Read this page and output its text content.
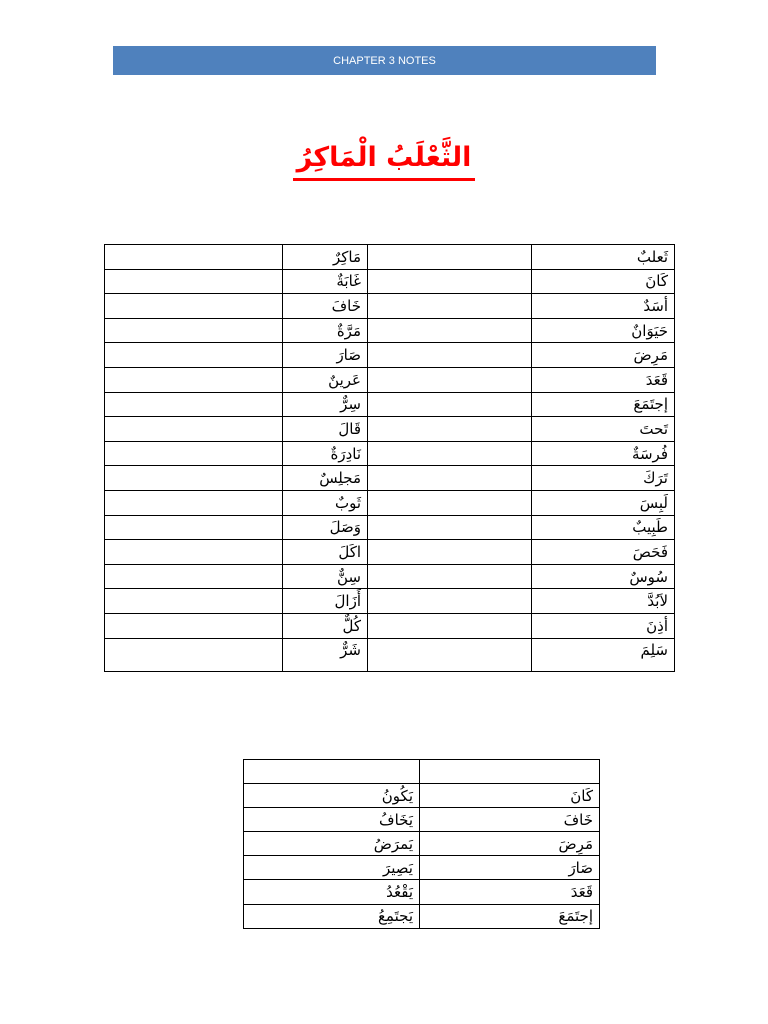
CHAPTER 3 NOTES
الثَّعْلَبُ الْمَاكِرُ
	مَاكِرٌ		ثَعلبٌ
	غَابَةٌ		كَانَ
	خَافَ		أسَدٌ
	مَرَّةٌ		حَيَوَانٌ
	صَارَ		مَرِضَ
	عَرينٌ		قَعَدَ
	سِرٌّ		إجتَمَعَ
	قَالَ		تَحتَ
	نَادِرَةٌ		فُرسَةٌ
	مَجلِسٌ		تَرَكَ
	ثَوبٌ		لَبِسَ
	وَصَلَ		طَبِيبٌ
	اكَلَ		فَحَصَ
	سِنٌّ		سُوسٌ
	أَزَالَ		لاَبُدَّ
	كُلٌّ		أذِنَ
	شَرٌّ		سَلِمَ

يَكُونُ	كَانَ
يَخَافُ	خَافَ
يَمرَضُ	مَرِضَ
يَصِيرَ	صَارَ
يَقْعُدُ	قَعَدَ
يَجتَمِعُ	إجتَمَعَ
